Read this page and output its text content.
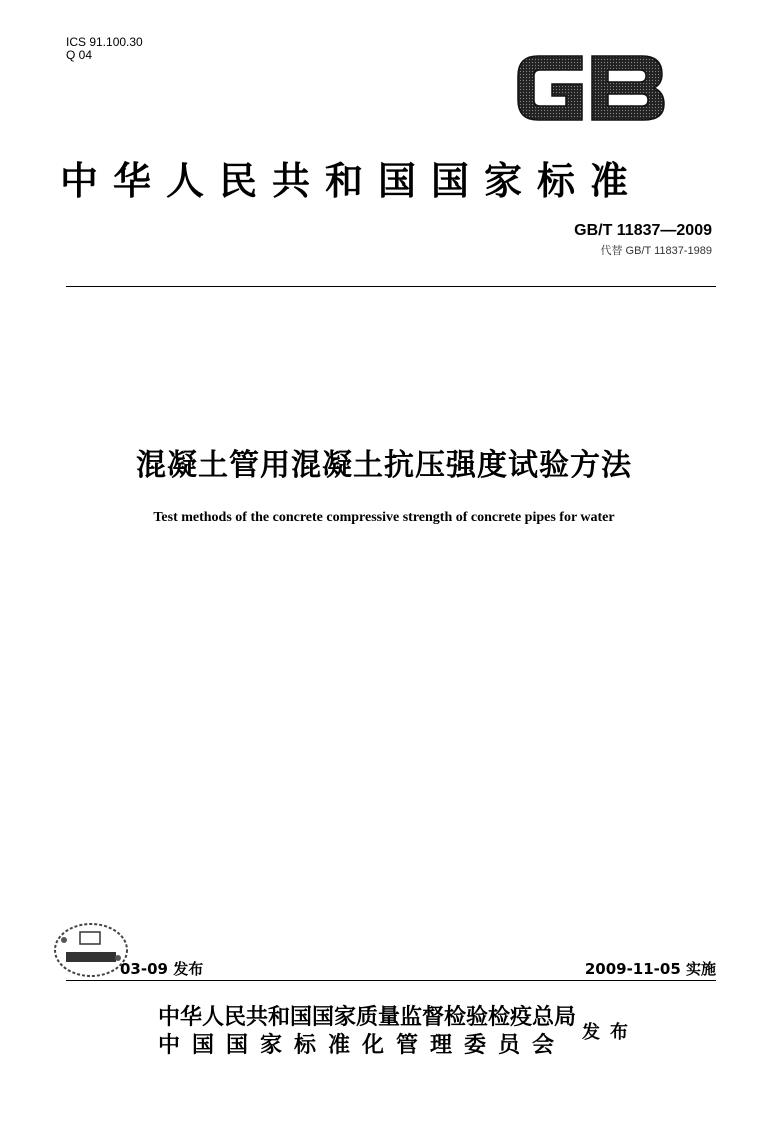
ICS 91.100.30
Q 04
中华人民共和国国家标准
GB/T 11837—2009
代替 GB/T 11837-1989
混凝土管用混凝土抗压强度试验方法
Test methods of the concrete compressive strength of concrete pipes for water
03-09 发布	2009-11-05 实施
中华人民共和国国家质量监督检验检疫总局
中国国家标准化管理委员会
发布
